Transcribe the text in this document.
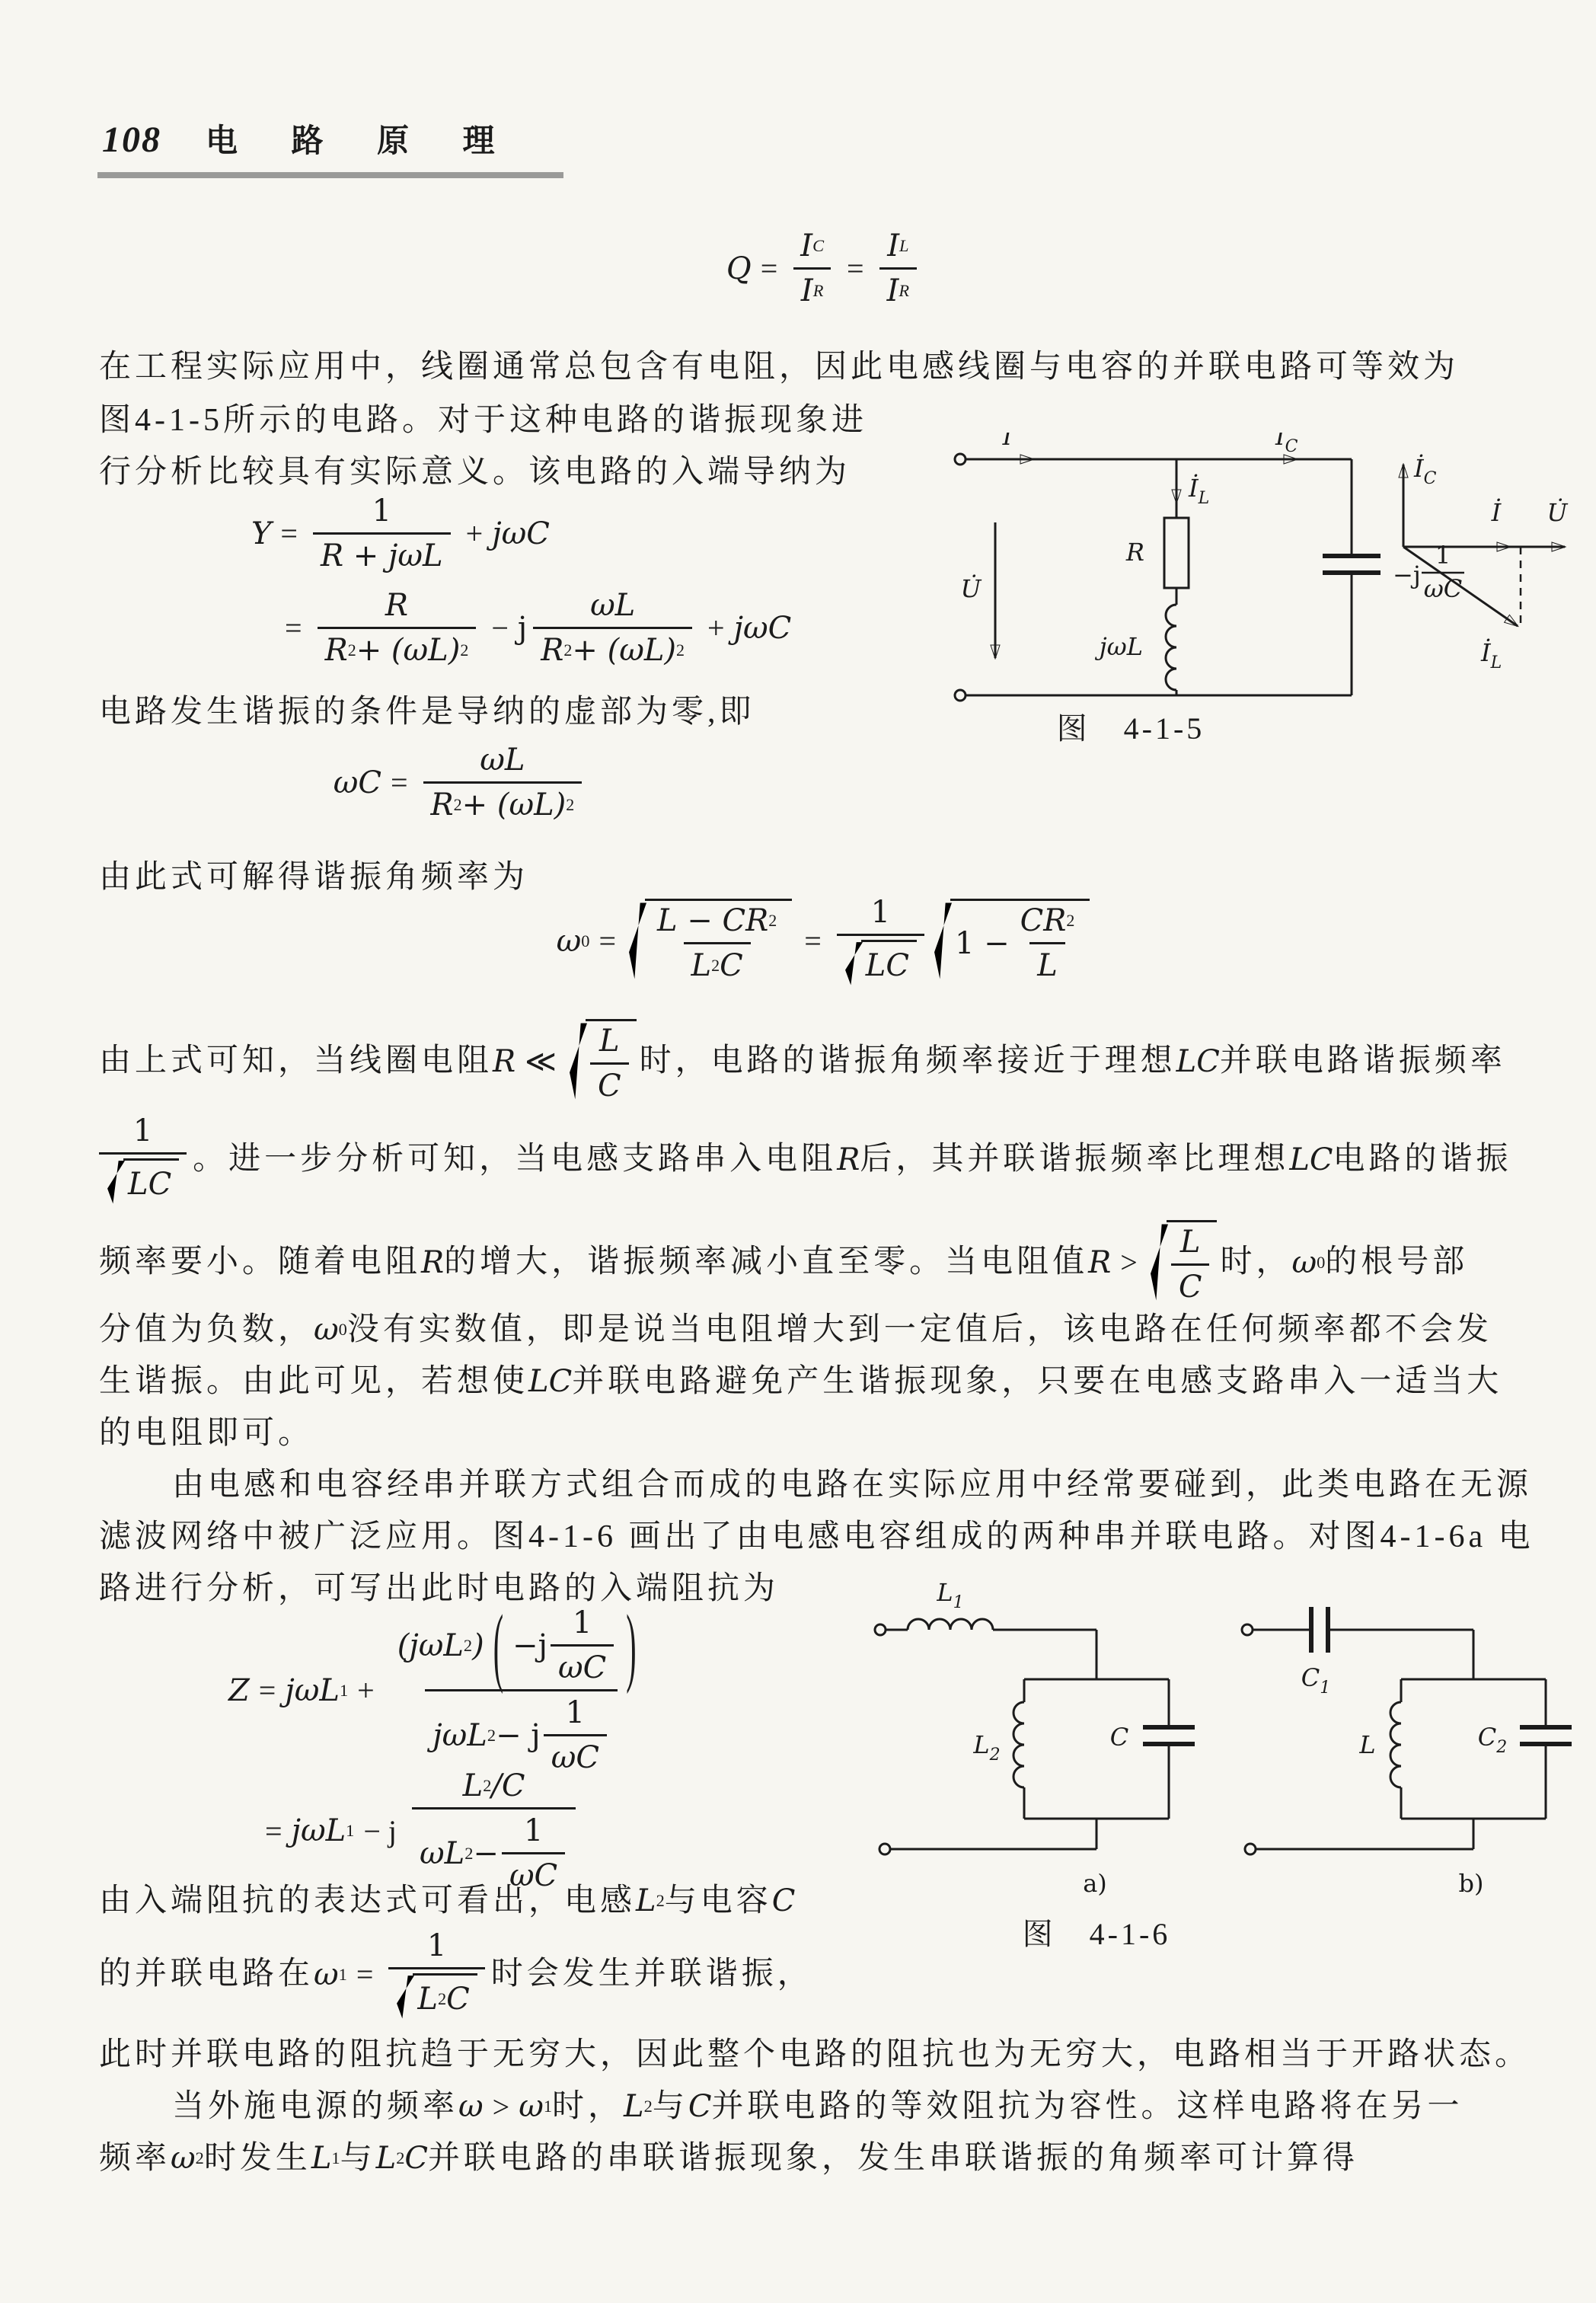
108 电 路 原 理
$Q = \frac{\text{I C}}{\text{I R}} = \frac{\text{I L}}{\text{I R}}$
在工程实际应用中，线圈通常总包含有电阻，因此电感线圈与电容的并联电路可等效为
图4-1-5所示的电路。对于这种电路的谐振现象进
行分析比较具有实际意义。该电路的入端导纳为
$Y = \frac{1}{\text{R + jωL}} + j\omega C$
= $\frac{R}{R 2 + (\omega L) 2} - j \frac{\omega L}{R 2 + (\omega L) 2} + j\omega C$
电路发生谐振的条件是导纳的虚部为零,即
$\omega C = \frac{\omega L}{R 2 + (\omega L) 2}$
由此式可解得谐振角频率为
ω $0 = \frac{L - CR 2}{L 2 C} = \frac{1}{LC} 1 - \frac{CR 2}{L}$
由上式可知，当线圈电阻 R ≪ $\frac{L}{C}$ 时，电路的谐振角频率接近于理想 LC 并联电路谐振频率
$\frac{1}{LC}$ 。进一步分析可知，当电感支路串入电阻 R 后，其并联谐振频率比理想 LC 电路的谐振
频率要小。随着电阻 R 的增大，谐振频率减小直至零。当电阻值 $R > \frac{L}{C}$ 时， ω 0 的根号部
分值为负数， ω 0 没有实数值，即是说当电阻增大到一定值后，该电路在任何频率都不会发
生谐振。由此可见，若想使 LC 并联电路避免产生谐振现象，只要在电感支路串入一适当大
的电阻即可。
由电感和电容经串并联方式组合而成的电路在实际应用中经常要碰到，此类电路在无源
滤波网络中被广泛应用。图4-1-6 画出了由电感电容组成的两种串并联电路。对图4-1-6a 电
路进行分析，可写出此时电路的入端阻抗为
Z = jωL $1 + \frac{(j\omega L 2 ) ( -j \frac{1}{\omega C} )}{j\omega L 2 - j \frac{1}{\omega C}}$
= jωL 1 − j $\frac{L 2 /C}{\omega L 2 - \frac{1}{\omega C}}$
由入端阻抗的表达式可看出，电感 L 2 与电容 C
的并联电路在 ω $1 = \frac{1}{L 2 C}$ 时会发生并联谐振，
此时并联电路的阻抗趋于无穷大，因此整个电路的阻抗也为无穷大，电路相当于开路状态。
当外施电源的频率 ω > ω 1 时， L 2 与 C 并联电路的等效阻抗为容性。这样电路将在另一
频率 ω 2 时发生 L 1 与 L 2 C 并联电路的串联谐振现象，发生串联谐振的角频率可计算得
İ	$İ_C$
$İ_L$
R
jωL
−j
1
ωC
U̇
$İ_C$
İ U̇
$İ_L$
图　4-1-5
$L_1$
$L_2$
C
a)
$C_1$
L	$C_2$
b)
图　4-1-6
